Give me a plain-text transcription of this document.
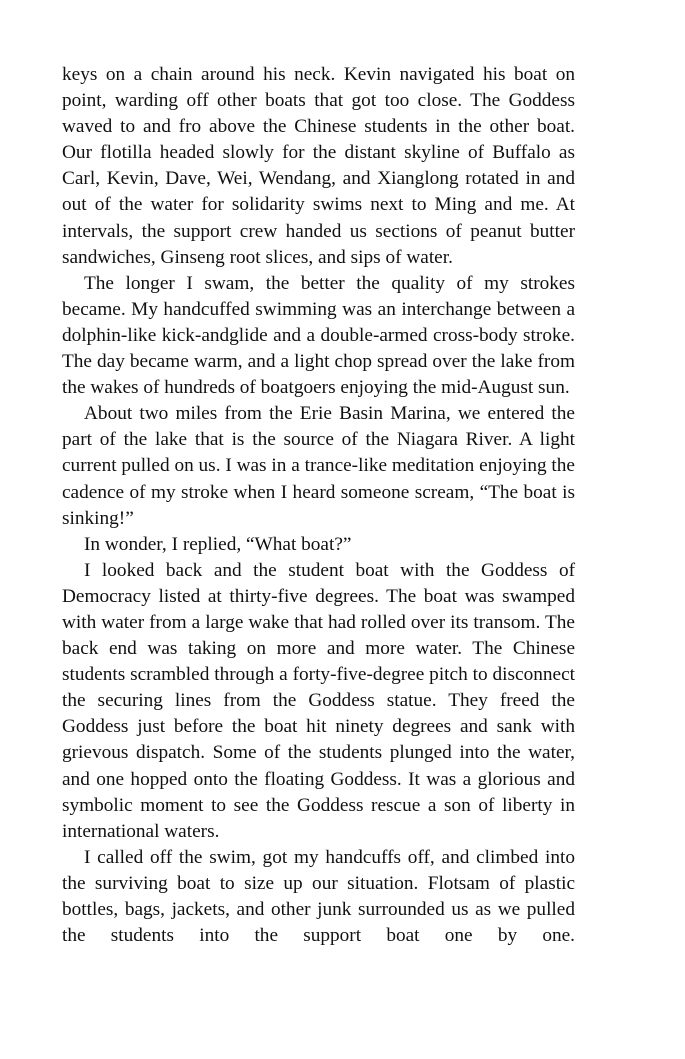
keys on a chain around his neck. Kevin navigated his boat on point, warding off other boats that got too close. The Goddess waved to and fro above the Chinese students in the other boat. Our flotilla headed slowly for the distant skyline of Buffalo as Carl, Kevin, Dave, Wei, Wendang, and Xianglong rotated in and out of the water for solidarity swims next to Ming and me. At intervals, the support crew handed us sections of peanut butter sandwiches, Ginseng root slices, and sips of water.

The longer I swam, the better the quality of my strokes became. My handcuffed swimming was an interchange between a dolphin-like kick-andglide and a double-armed cross-body stroke. The day became warm, and a light chop spread over the lake from the wakes of hundreds of boatgoers enjoying the mid-August sun.

About two miles from the Erie Basin Marina, we entered the part of the lake that is the source of the Niagara River. A light current pulled on us. I was in a trance-like meditation enjoying the cadence of my stroke when I heard someone scream, “The boat is sinking!”

In wonder, I replied, “What boat?”

I looked back and the student boat with the Goddess of Democracy listed at thirty-five degrees. The boat was swamped with water from a large wake that had rolled over its transom. The back end was taking on more and more water. The Chinese students scrambled through a forty-five-degree pitch to disconnect the securing lines from the Goddess statue. They freed the Goddess just before the boat hit ninety degrees and sank with grievous dispatch. Some of the students plunged into the water, and one hopped onto the floating Goddess. It was a glorious and symbolic moment to see the Goddess rescue a son of liberty in international waters.

I called off the swim, got my handcuffs off, and climbed into the surviving boat to size up our situation. Flotsam of plastic bottles, bags, jackets, and other junk surrounded us as we pulled the students into the support boat one by one.
